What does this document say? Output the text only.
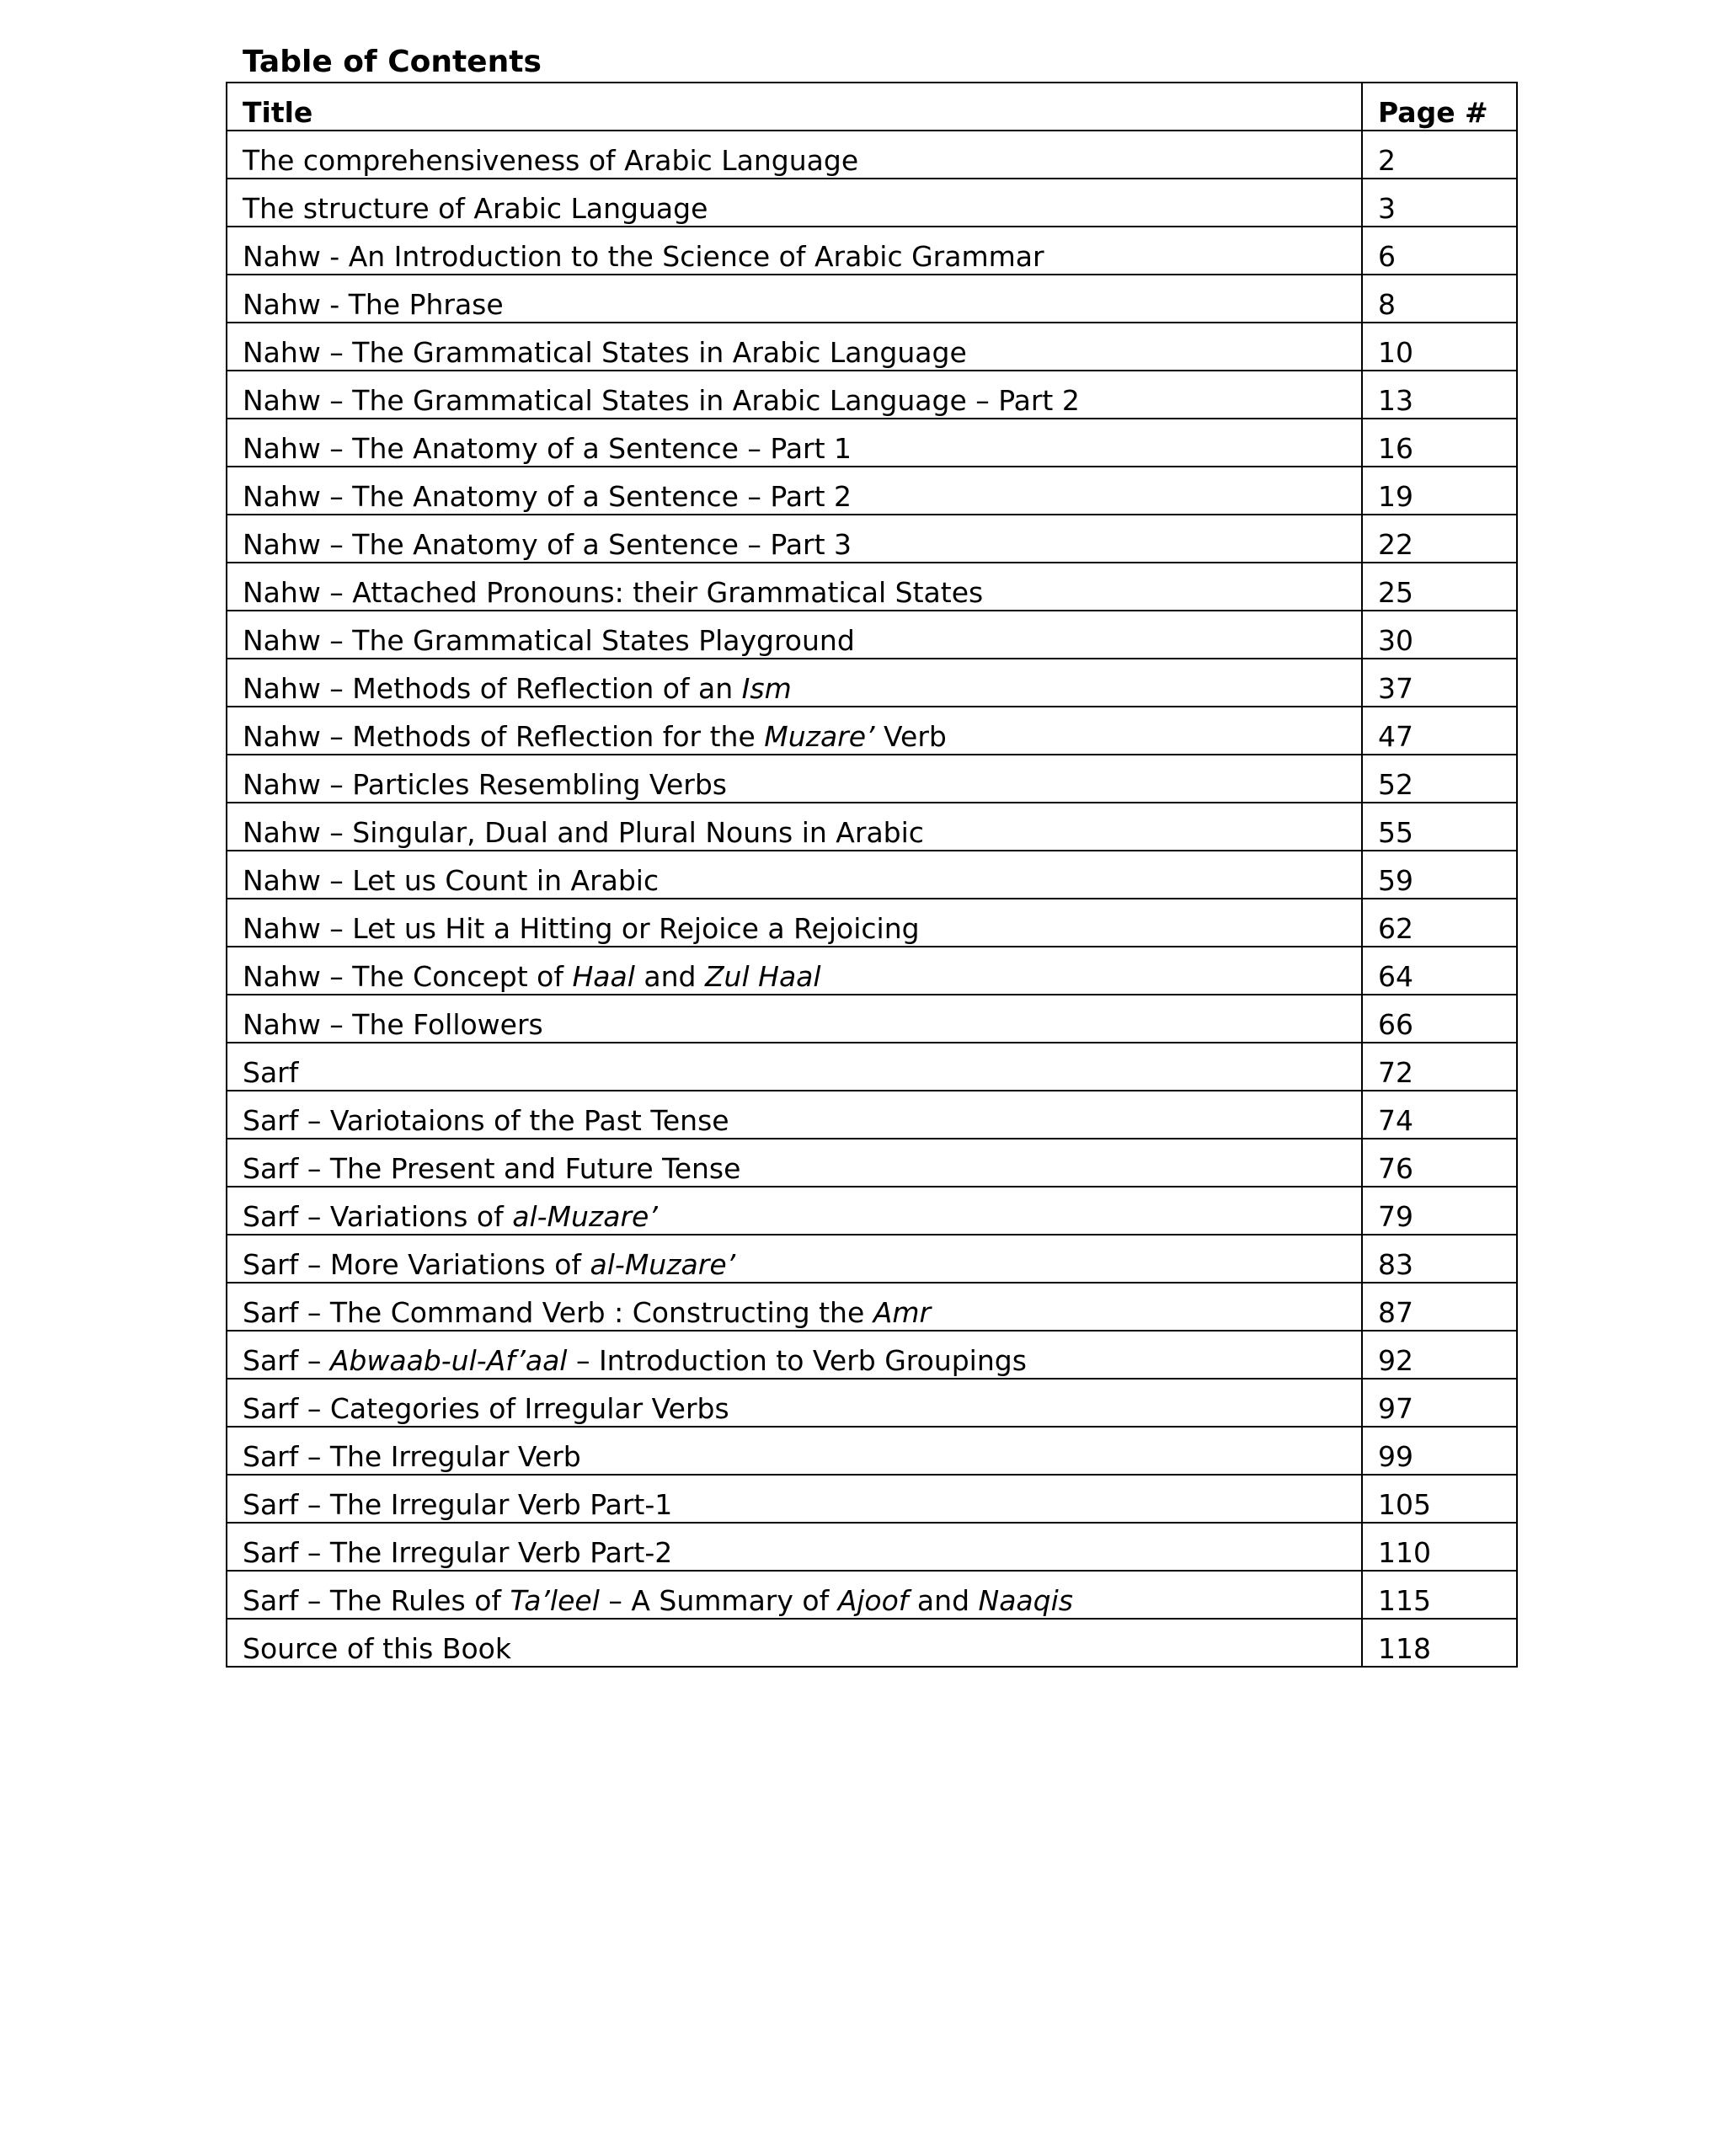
Table of Contents
Title	Page #
The comprehensiveness of Arabic Language	2
The structure of Arabic Language	3
Nahw - An Introduction to the Science of Arabic Grammar	6
Nahw - The Phrase	8
Nahw – The Grammatical States in Arabic Language	10
Nahw – The Grammatical States in Arabic Language – Part 2	13
Nahw – The Anatomy of a Sentence – Part 1	16
Nahw – The Anatomy of a Sentence – Part 2	19
Nahw – The Anatomy of a Sentence – Part 3	22
Nahw – Attached Pronouns: their Grammatical States	25
Nahw – The Grammatical States Playground	30
Nahw – Methods of Reflection of an Ism	37
Nahw – Methods of Reflection for the Muzare’ Verb	47
Nahw – Particles Resembling Verbs	52
Nahw – Singular, Dual and Plural Nouns in Arabic	55
Nahw – Let us Count in Arabic	59
Nahw – Let us Hit a Hitting or Rejoice a Rejoicing	62
Nahw – The Concept of Haal and Zul Haal	64
Nahw – The Followers	66
Sarf	72
Sarf – Variotaions of the Past Tense	74
Sarf – The Present and Future Tense	76
Sarf – Variations of al-Muzare’	79
Sarf – More Variations of al-Muzare’	83
Sarf – The Command Verb : Constructing the Amr	87
Sarf – Abwaab-ul-Af’aal – Introduction to Verb Groupings	92
Sarf – Categories of Irregular Verbs	97
Sarf – The Irregular Verb	99
Sarf – The Irregular Verb Part-1	105
Sarf – The Irregular Verb Part-2	110
Sarf – The Rules of Ta’leel – A Summary of Ajoof and Naaqis	115
Source of this Book	118
